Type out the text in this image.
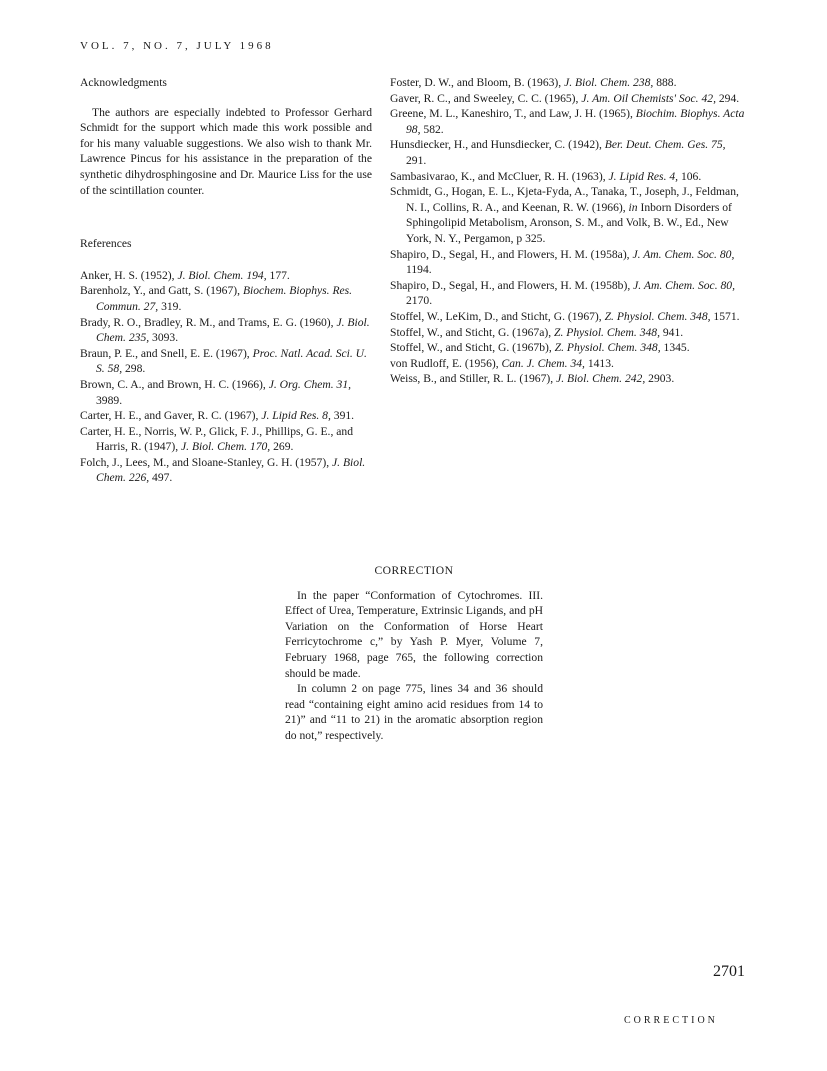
VOL. 7, NO. 7, JULY 1968
Acknowledgments

The authors are especially indebted to Professor Gerhard Schmidt for the support which made this work possible and for his many valuable suggestions. We also wish to thank Mr. Lawrence Pincus for his assistance in the preparation of the synthetic dihydrosphingosine and Dr. Maurice Liss for the use of the scintillation counter.

References
Anker, H. S. (1952), J. Biol. Chem. 194, 177.
Barenholz, Y., and Gatt, S. (1967), Biochem. Biophys. Res. Commun. 27, 319.
Brady, R. O., Bradley, R. M., and Trams, E. G. (1960), J. Biol. Chem. 235, 3093.
Braun, P. E., and Snell, E. E. (1967), Proc. Natl. Acad. Sci. U. S. 58, 298.
Brown, C. A., and Brown, H. C. (1966), J. Org. Chem. 31, 3989.
Carter, H. E., and Gaver, R. C. (1967), J. Lipid Res. 8, 391.
Carter, H. E., Norris, W. P., Glick, F. J., Phillips, G. E., and Harris, R. (1947), J. Biol. Chem. 170, 269.
Folch, J., Lees, M., and Sloane-Stanley, G. H. (1957), J. Biol. Chem. 226, 497.
Foster, D. W., and Bloom, B. (1963), J. Biol. Chem. 238, 888.
Gaver, R. C., and Sweeley, C. C. (1965), J. Am. Oil Chemists' Soc. 42, 294.
Greene, M. L., Kaneshiro, T., and Law, J. H. (1965), Biochim. Biophys. Acta 98, 582.
Hunsdiecker, H., and Hunsdiecker, C. (1942), Ber. Deut. Chem. Ges. 75, 291.
Sambasivarao, K., and McCluer, R. H. (1963), J. Lipid Res. 4, 106.
Schmidt, G., Hogan, E. L., Kjeta-Fyda, A., Tanaka, T., Joseph, J., Feldman, N. I., Collins, R. A., and Keenan, R. W. (1966), in Inborn Disorders of Sphingolipid Metabolism, Aronson, S. M., and Volk, B. W., Ed., New York, N. Y., Pergamon, p 325.
Shapiro, D., Segal, H., and Flowers, H. M. (1958a), J. Am. Chem. Soc. 80, 1194.
Shapiro, D., Segal, H., and Flowers, H. M. (1958b), J. Am. Chem. Soc. 80, 2170.
Stoffel, W., LeKim, D., and Sticht, G. (1967), Z. Physiol. Chem. 348, 1571.
Stoffel, W., and Sticht, G. (1967a), Z. Physiol. Chem. 348, 941.
Stoffel, W., and Sticht, G. (1967b), Z. Physiol. Chem. 348, 1345.
von Rudloff, E. (1956), Can. J. Chem. 34, 1413.
Weiss, B., and Stiller, R. L. (1967), J. Biol. Chem. 242, 2903.
CORRECTION

In the paper “Conformation of Cytochromes. III. Effect of Urea, Temperature, Extrinsic Ligands, and pH Variation on the Conformation of Horse Heart Ferricytochrome c,” by Yash P. Myer, Volume 7, February 1968, page 765, the following correction should be made.

In column 2 on page 775, lines 34 and 36 should read “containing eight amino acid residues from 14 to 21)” and “11 to 21) in the aromatic absorption region do not,” respectively.

2701
CORRECTION
